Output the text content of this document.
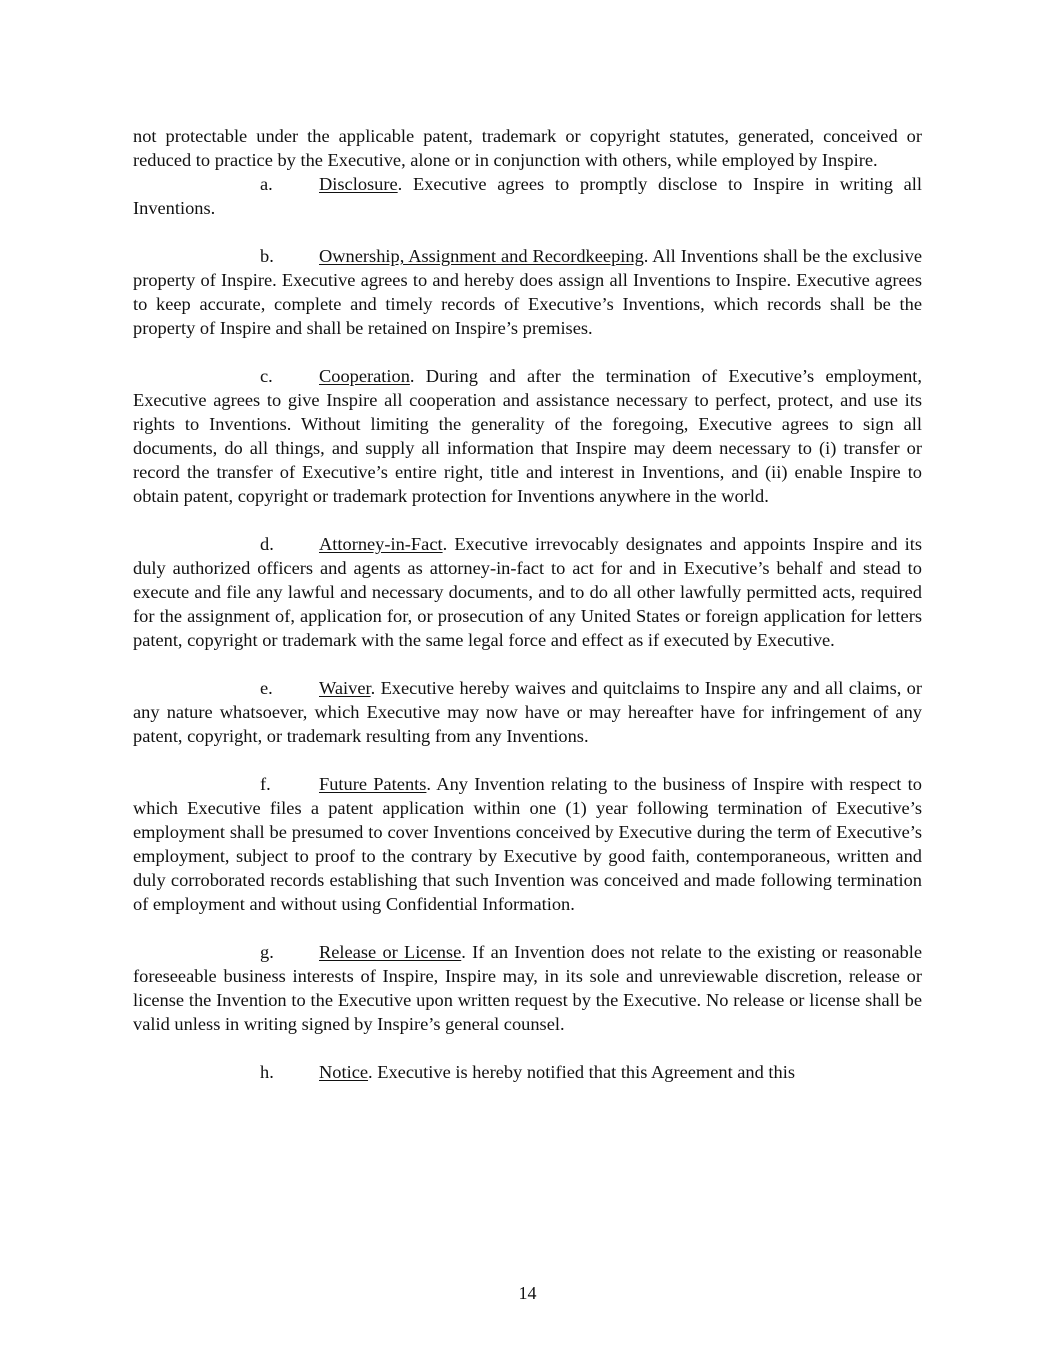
not protectable under the applicable patent, trademark or copyright statutes, generated, conceived or reduced to practice by the Executive, alone or in conjunction with others, while employed by Inspire.

a.	Disclosure. Executive agrees to promptly disclose to Inspire in writing all Inventions.

b. Ownership, Assignment and Recordkeeping. All Inventions shall be the exclusive property of Inspire. Executive agrees to and hereby does assign all Inventions to Inspire. Executive agrees to keep accurate, complete and timely records of Executive’s Inventions, which records shall be the property of Inspire and shall be retained on Inspire’s premises.

c.	Cooperation. During and after the termination of Executive’s employment, Executive agrees to give Inspire all cooperation and assistance necessary to perfect, protect, and use its rights to Inventions. Without limiting the generality of the foregoing, Executive agrees to sign all documents, do all things, and supply all information that Inspire may deem necessary to (i) transfer or record the transfer of Executive’s entire right, title and interest in Inventions, and (ii) enable Inspire to obtain patent, copyright or trademark protection for Inventions anywhere in the world.

d. Attorney-in-Fact. Executive irrevocably designates and appoints Inspire and its duly authorized officers and agents as attorney-in-fact to act for and in Executive’s behalf and stead to execute and file any lawful and necessary documents, and to do all other lawfully permitted acts, required for the assignment of, application for, or prosecution of any United States or foreign application for letters patent, copyright or trademark with the same legal force and effect as if executed by Executive.

e.	Waiver. Executive hereby waives and quitclaims to Inspire any and all claims, or any nature whatsoever, which Executive may now have or may hereafter have for infringement of any patent, copyright, or trademark resulting from any Inventions.

f.	Future Patents. Any Invention relating to the business of Inspire with respect to which Executive files a patent application within one (1) year following termination of Executive’s employment shall be presumed to cover Inventions conceived by Executive during the term of Executive’s employment, subject to proof to the contrary by Executive by good faith, contemporaneous, written and duly corroborated records establishing that such Invention was conceived and made following termination of employment and without using Confidential Information.

g. Release or License. If an Invention does not relate to the existing or reasonable foreseeable business interests of Inspire, Inspire may, in its sole and unreviewable discretion, release or license the Invention to the Executive upon written request by the Executive. No release or license shall be valid unless in writing signed by Inspire’s general counsel.

h. Notice. Executive is hereby notified that this Agreement and this

14
